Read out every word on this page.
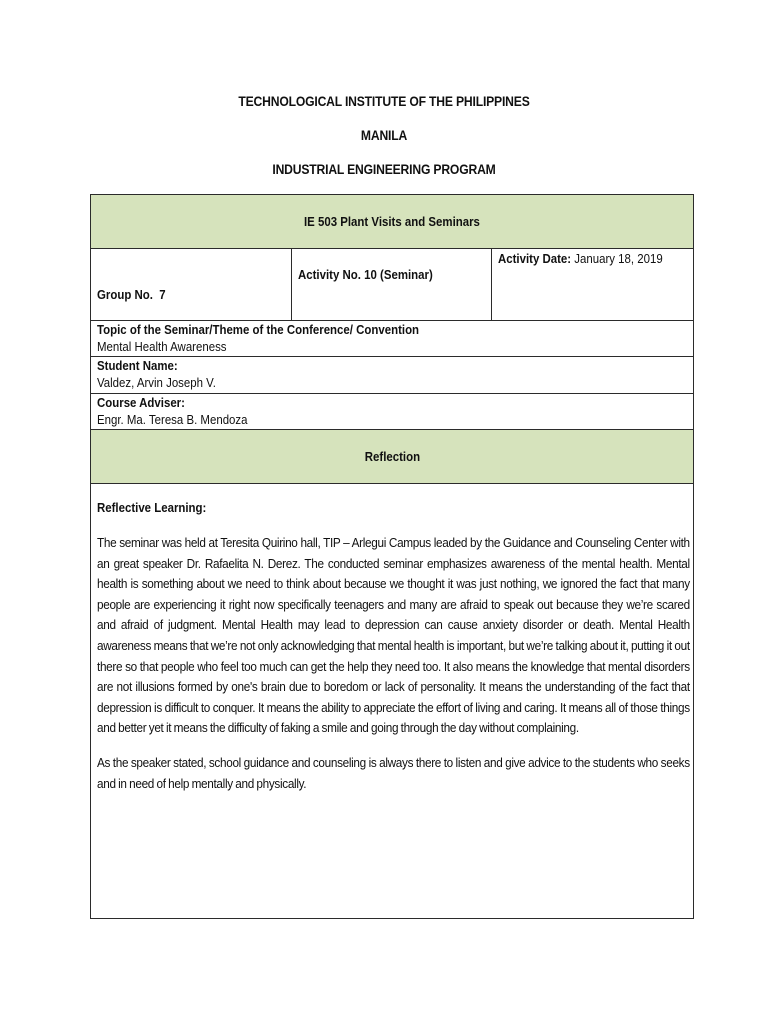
TECHNOLOGICAL INSTITUTE OF THE PHILIPPINES
MANILA
INDUSTRIAL ENGINEERING PROGRAM
IE 503 Plant Visits and Seminars
Group No. 7	Activity No. 10 (Seminar)	Activity Date: January 18, 2019

Topic of the Seminar/Theme of the Conference/ Convention
Mental Health Awareness

Student Name:
Valdez, Arvin Joseph V.

Course Adviser:
Engr. Ma. Teresa B. Mendoza

Reflection

Reflective Learning:

The seminar was held at Teresita Quirino hall, TIP – Arlegui Campus leaded by the Guidance and Counseling Center with an great speaker Dr. Rafaelita N. Derez. The conducted seminar emphasizes awareness of the mental health. Mental health is something about we need to think about because we thought it was just nothing, we ignored the fact that many people are experiencing it right now specifically teenagers and many are afraid to speak out because they we’re scared and afraid of judgment. Mental Health may lead to depression can cause anxiety disorder or death. Mental Health awareness means that we’re not only acknowledging that mental health is important, but we’re talking about it, putting it out there so that people who feel too much can get the help they need too. It also means the knowledge that mental disorders are not illusions formed by one's brain due to boredom or lack of personality. It means the understanding of the fact that depression is difficult to conquer. It means the ability to appreciate the effort of living and caring. It means all of those things and better yet it means the difficulty of faking a smile and going through the day without complaining.

As the speaker stated, school guidance and counseling is always there to listen and give advice to the students who seeks and in need of help mentally and physically.
